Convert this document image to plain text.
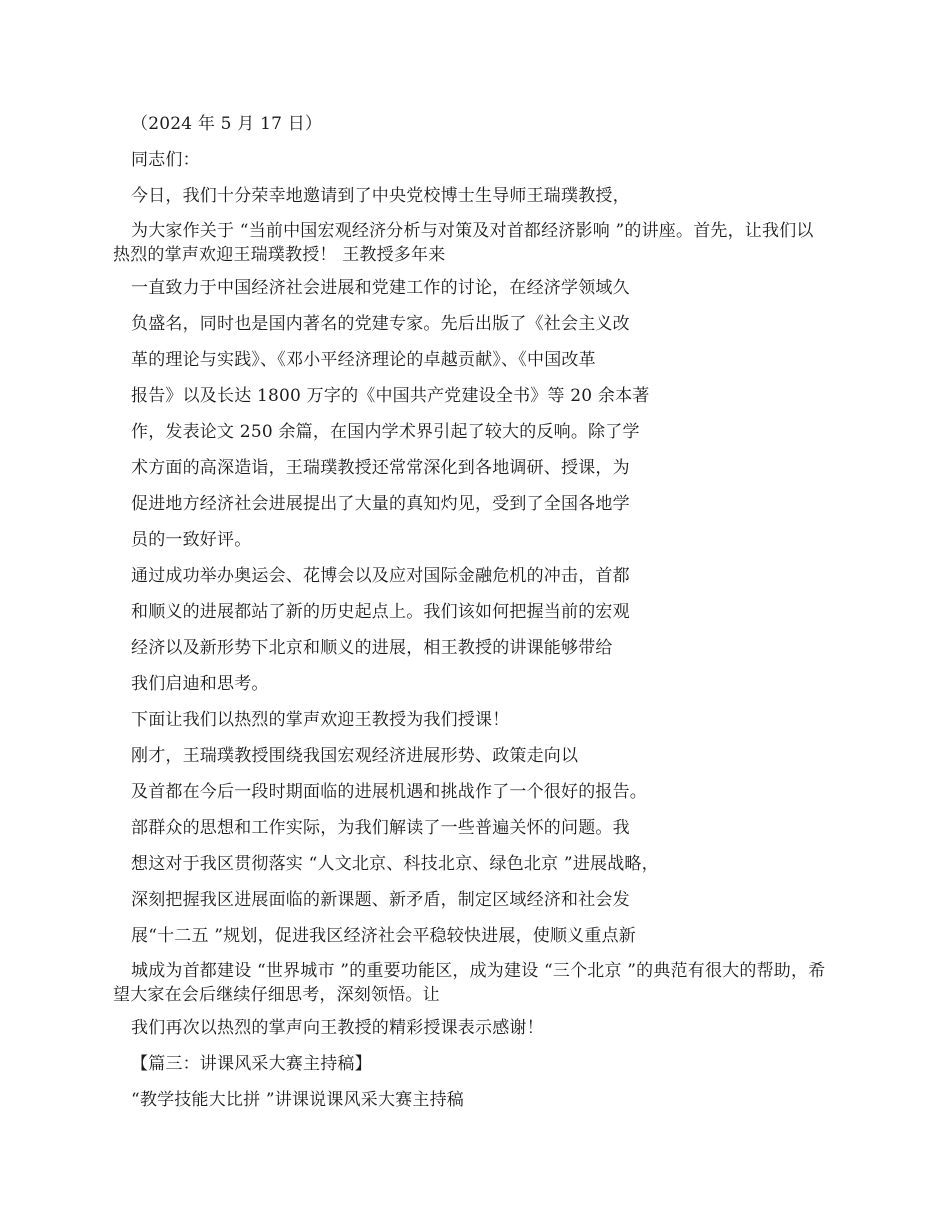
（2024 年 5 月 17 日）
同志们：
今日，我们十分荣幸地邀请到了中央党校博士生导师王瑞璞教授，
为大家作关于 “当前中国宏观经济分析与对策及对首都经济影响 ”的讲座。首先，让我们以热烈的掌声欢迎王瑞璞教授！ 王教授多年来
一直致力于中国经济社会进展和党建工作的讨论，在经济学领域久
负盛名，同时也是国内著名的党建专家。先后出版了《社会主义改
革的理论与实践》、《邓小平经济理论的卓越贡献》、《中国改革
报告》以及长达 1800 万字的《中国共产党建设全书》等 20 余本著
作，发表论文 250 余篇，在国内学术界引起了较大的反响。除了学
术方面的高深造诣，王瑞璞教授还常常深化到各地调研、授课，为
促进地方经济社会进展提出了大量的真知灼见，受到了全国各地学
员的一致好评。
通过成功举办奥运会、花博会以及应对国际金融危机的冲击，首都
和顺义的进展都站了新的历史起点上。我们该如何把握当前的宏观
经济以及新形势下北京和顺义的进展，相王教授的讲课能够带给
我们启迪和思考。
下面让我们以热烈的掌声欢迎王教授为我们授课！
刚才，王瑞璞教授围绕我国宏观经济进展形势、政策走向以
及首都在今后一段时期面临的进展机遇和挑战作了一个很好的报告。
部群众的思想和工作实际，为我们解读了一些普遍关怀的问题。我
想这对于我区贯彻落实 “人文北京、科技北京、绿色北京 ”进展战略，
深刻把握我区进展面临的新课题、新矛盾，制定区域经济和社会发
展“十二五 ”规划，促进我区经济社会平稳较快进展，使顺义重点新
城成为首都建设 “世界城市 ”的重要功能区，成为建设 “三个北京 ”的典范有很大的帮助，希望大家在会后继续仔细思考，深刻领悟。让
我们再次以热烈的掌声向王教授的精彩授课表示感谢！
【篇三：讲课风采大赛主持稿】
“教学技能大比拼 ”讲课说课风采大赛主持稿
